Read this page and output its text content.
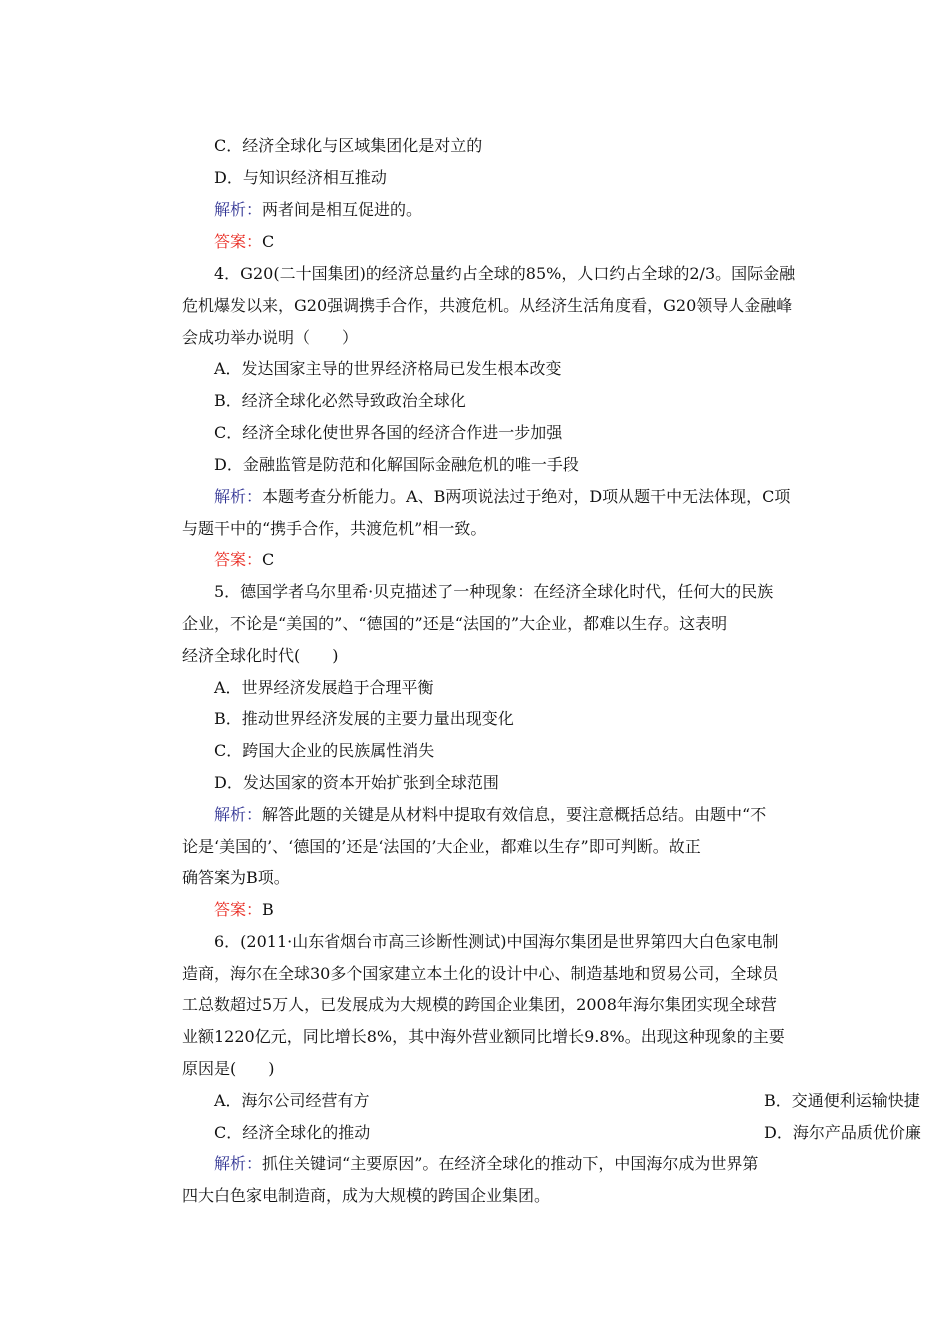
C．经济全球化与区域集团化是对立的
D．与知识经济相互推动
解析：两者间是相互促进的。
答案：C
4．G20(二十国集团)的经济总量约占全球的85%，人口约占全球的2/3。国际金融
危机爆发以来，G20强调携手合作，共渡危机。从经济生活角度看，G20领导人金融峰
会成功举办说明（　　）
A．发达国家主导的世界经济格局已发生根本改变
B．经济全球化必然导致政治全球化
C．经济全球化使世界各国的经济合作进一步加强
D．金融监管是防范和化解国际金融危机的唯一手段
解析：本题考查分析能力。A、B两项说法过于绝对，D项从题干中无法体现，C项
与题干中的“携手合作，共渡危机”相一致。
答案：C
5．德国学者乌尔里希·贝克描述了一种现象：在经济全球化时代，任何大的民族
企业，不论是“美国的”、“德国的”还是“法国的”大企业，都难以生存。这表明
经济全球化时代(　　)
A．世界经济发展趋于合理平衡
B．推动世界经济发展的主要力量出现变化
C．跨国大企业的民族属性消失
D．发达国家的资本开始扩张到全球范围
解析：解答此题的关键是从材料中提取有效信息，要注意概括总结。由题中“不
论是‘美国的’、‘德国的’还是‘法国的’大企业，都难以生存”即可判断。故正
确答案为B项。
答案：B
6．(2011·山东省烟台市高三诊断性测试)中国海尔集团是世界第四大白色家电制
造商，海尔在全球30多个国家建立本土化的设计中心、制造基地和贸易公司，全球员
工总数超过5万人，已发展成为大规模的跨国企业集团，2008年海尔集团实现全球营
业额1220亿元，同比增长8%，其中海外营业额同比增长9.8%。出现这种现象的主要
原因是(　　)
A．海尔公司经营有方	B．交通便利运输快捷
C．经济全球化的推动	D．海尔产品质优价廉
解析：抓住关键词“主要原因”。在经济全球化的推动下，中国海尔成为世界第
四大白色家电制造商，成为大规模的跨国企业集团。
